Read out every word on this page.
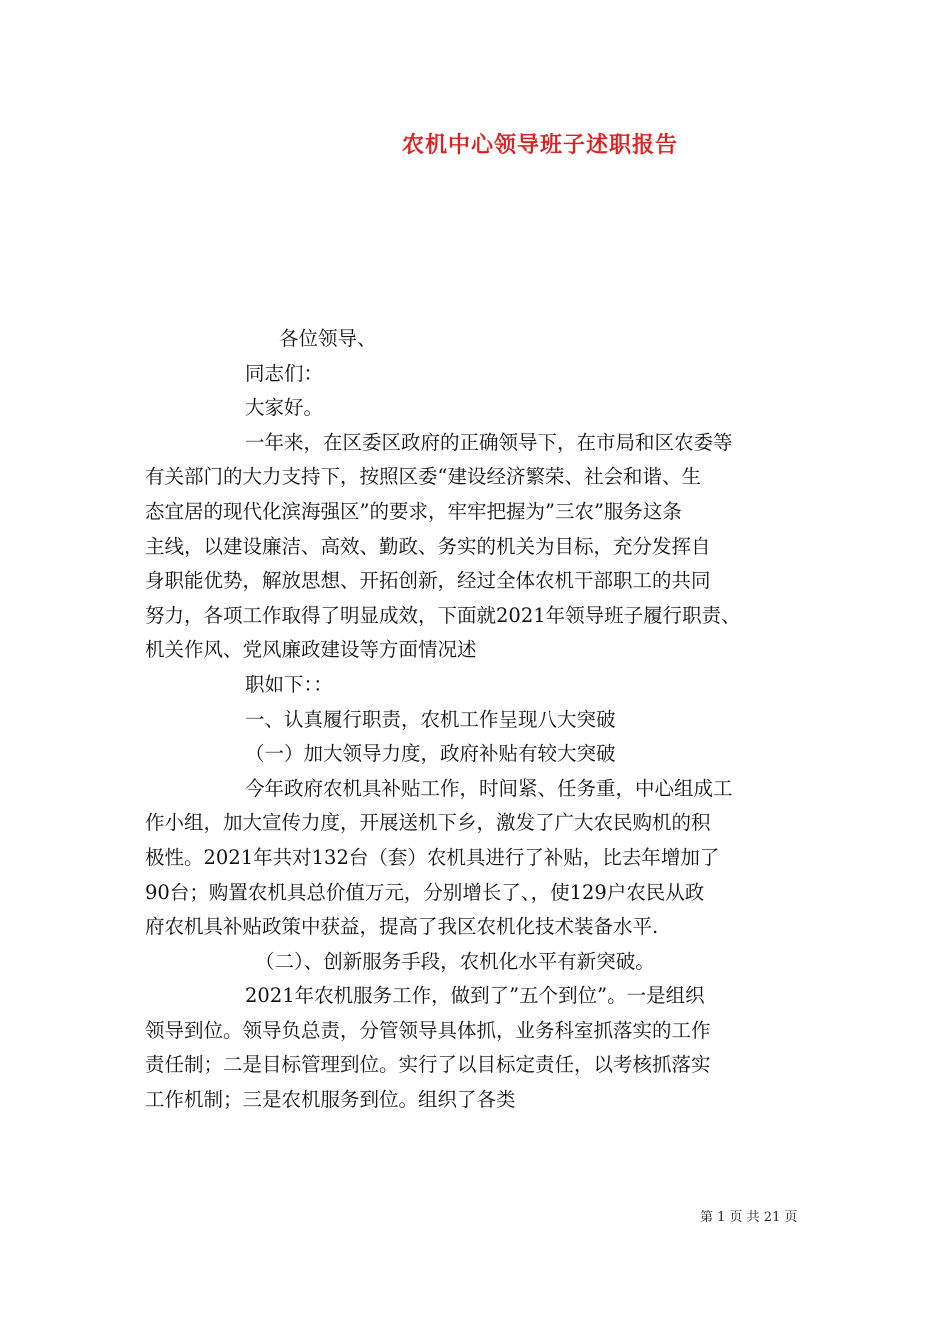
农机中心领导班子述职报告
各位领导、
同志们：
大家好。
一年来，在区委区政府的正确领导下，在市局和区农委等
有关部门的大力支持下，按照区委“建设经济繁荣、社会和谐、生
态宜居的现代化滨海强区”的要求，牢牢把握为”三农”服务这条
主线，以建设廉洁、高效、勤政、务实的机关为目标，充分发挥自
身职能优势，解放思想、开拓创新，经过全体农机干部职工的共同
努力，各项工作取得了明显成效，下面就2021年领导班子履行职责、
机关作风、党风廉政建设等方面情况述
职如下：：
一、认真履行职责，农机工作呈现八大突破
（一）加大领导力度，政府补贴有较大突破
今年政府农机具补贴工作，时间紧、任务重，中心组成工
作小组，加大宣传力度，开展送机下乡，激发了广大农民购机的积
极性。2021年共对132台（套）农机具进行了补贴，比去年增加了
90台；购置农机具总价值万元，分别增长了、，使129户农民从政
府农机具补贴政策中获益，提高了我区农机化技术装备水平.
（二）、创新服务手段，农机化水平有新突破。
2021年农机服务工作，做到了”五个到位”。一是组织
领导到位。领导负总责，分管领导具体抓，业务科室抓落实的工作
责任制；二是目标管理到位。实行了以目标定责任，以考核抓落实
工作机制；三是农机服务到位。组织了各类
第 1 页 共 21 页
